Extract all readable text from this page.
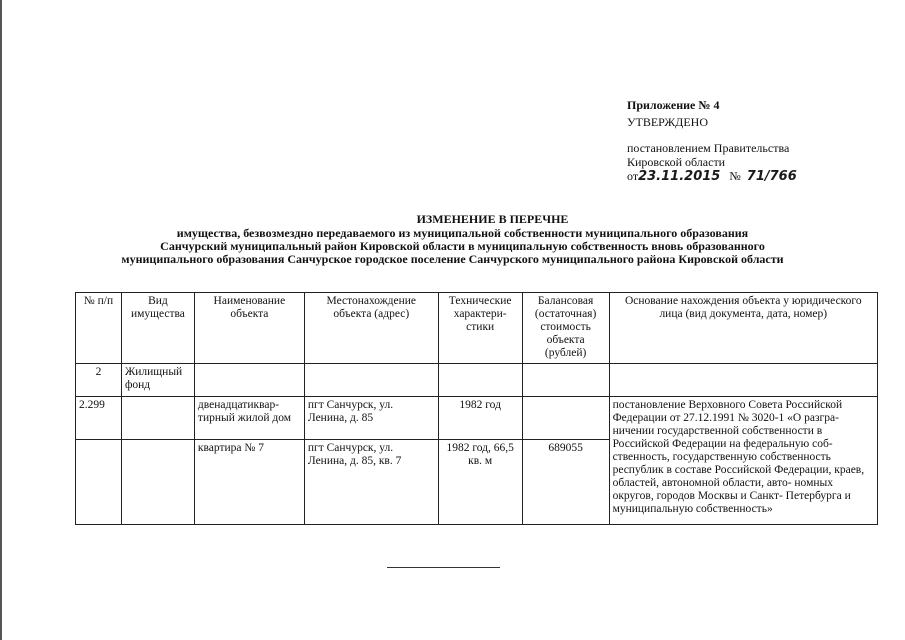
Приложение № 4
УТВЕРЖДЕНО
постановлением Правительства
Кировской области
от23.11.2015 № 71/766
ИЗМЕНЕНИЕ В ПЕРЕЧНЕ
имущества, безвозмездно передаваемого из муниципальной собственности муниципального образования
Санчурский муниципальный район Кировской области в муниципальную собственность вновь образованного
муниципального образования Санчурское городское поселение Санчурского муниципального района Кировской области
№ п/п	Вид имущества	Наименование объекта	Местонахождение объекта (адрес)	Технические характери- стики	Балансовая (остаточная) стоимость объекта (рублей)	Основание нахождения объекта у юридического лица (вид документа, дата, номер)
2	Жилищный фонд					
2.299		двенадцатиквар- тирный жилой дом	пгт Санчурск, ул. Ленина, д. 85	1982 год		постановление Верховного Совета Российской Федерации от 27.12.1991 № 3020-1 «О разгра- ничении государственной собственности в Российской Федерации на федеральную соб- ственность, государственную собственность республик в составе Российской Федерации, краев, областей, автономной области, авто- номных округов, городов Москвы и Санкт- Петербурга и муниципальную собственность»
		квартира № 7	пгт Санчурск, ул. Ленина, д. 85, кв. 7	1982 год, 66,5 кв. м	689055	
